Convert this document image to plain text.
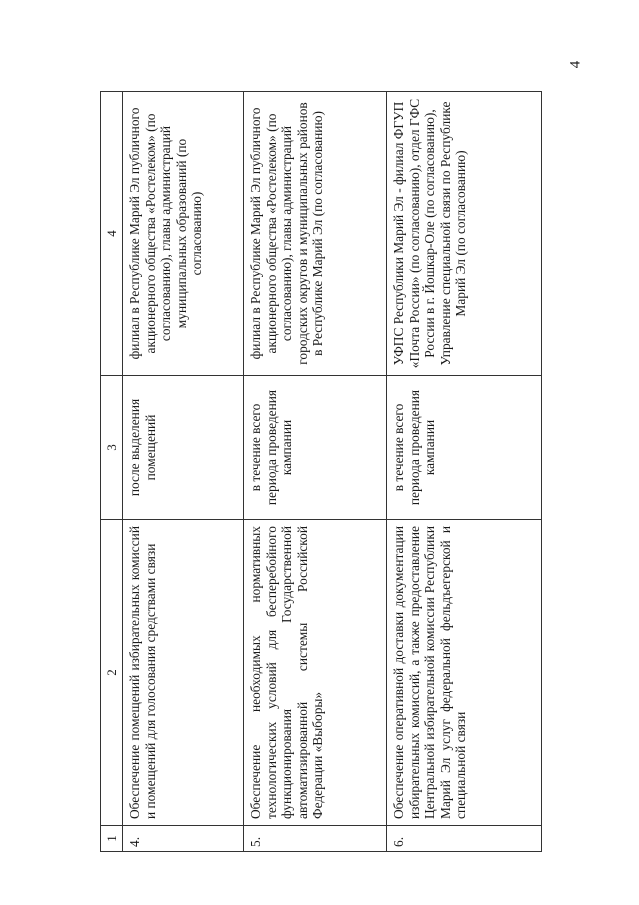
4
1	2	3	4
4.	Обеспечение помещений избирательных комиссий и помещений для голосования средствами связи	после выделения помещений	филиал в Республике Марий Эл публичного акционерного общества «Ростелеком» (по согласованию), главы администраций муниципальных образований (по согласованию)
5.	Обеспечение необходимых нормативных технологических условий для бесперебойного функционирования Государственной автоматизированной системы Российской Федерации «Выборы»	в течение всего периода проведения кампании	филиал в Республике Марий Эл публичного акционерного общества «Ростелеком» (по согласованию), главы администраций городских округов и муниципальных районов в Республике Марий Эл (по согласованию)
6.	Обеспечение оперативной доставки документации избирательных комиссий, а также предоставление Центральной избирательной комиссии Республики Марий Эл услуг федеральной фельдъегерской и специальной связи	в течение всего периода проведения кампании	УФПС Республики Марий Эл - филиал ФГУП «Почта России» (по согласованию), отдел ГФС России в г. Йошкар-Оле (по согласованию), Управление специальной связи по Республике Марий Эл (по согласованию)
